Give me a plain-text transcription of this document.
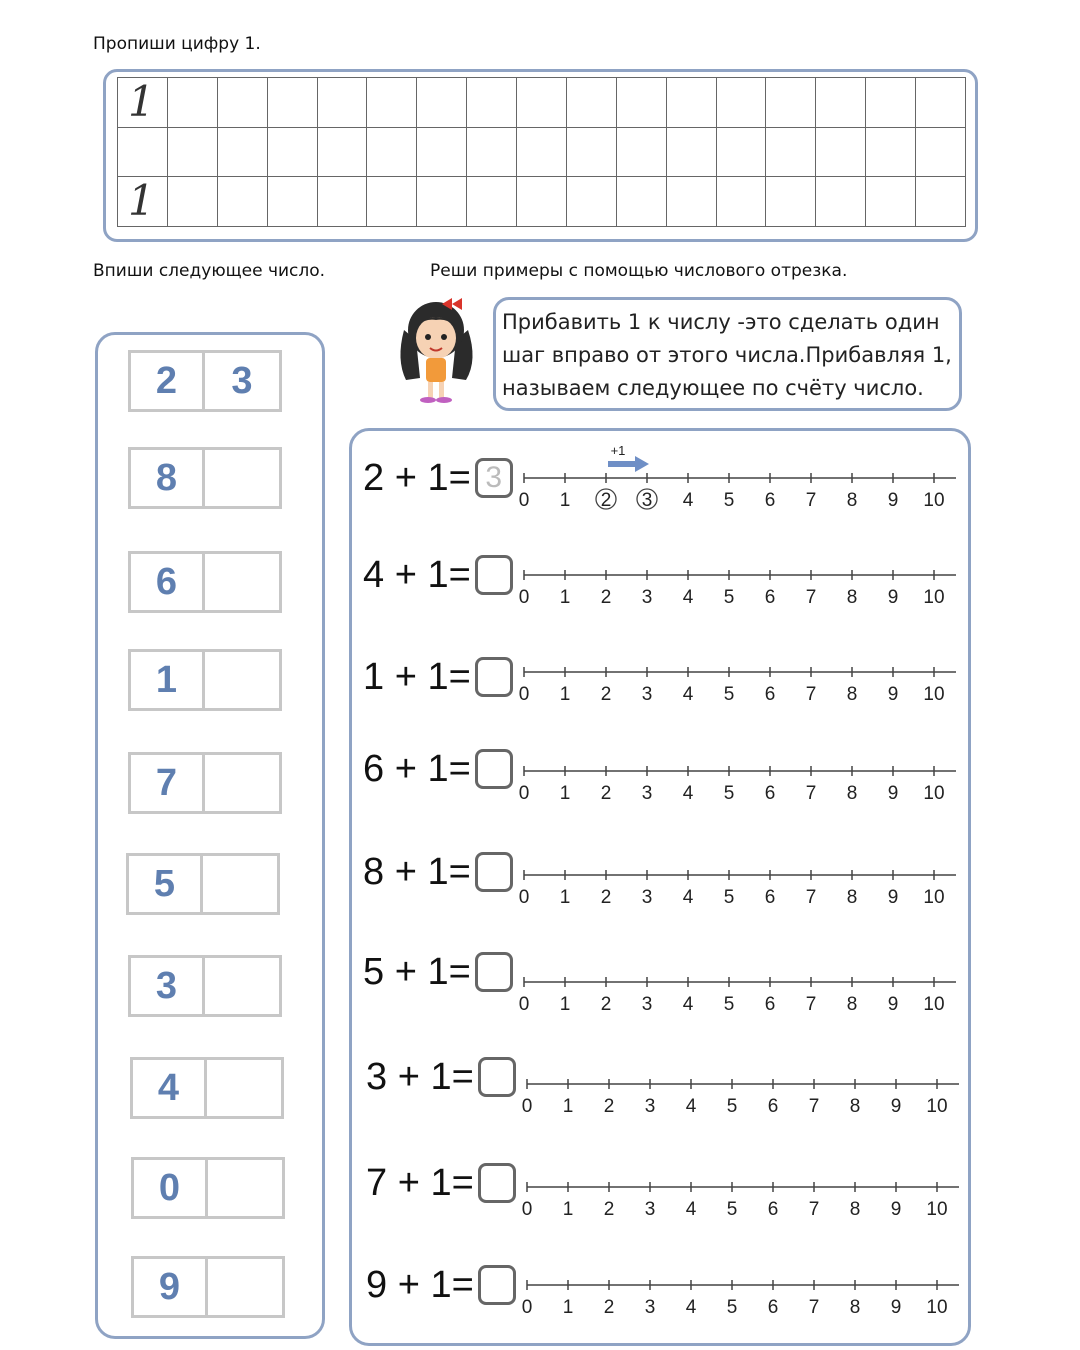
Пропиши цифру 1.
1
1
Впиши следующее число.	Реши примеры с помощью числового отрезка.
2	3
8
6
1
7
5
3
4
0
9
Прибавить 1 к числу -это сделать один
шаг вправо от этого числа.Прибавляя 1,
называем следующее по счёту число.
2 + 1= 3
4 + 1=
1 + 1=
6 + 1=
8 + 1=
5 + 1=
3 + 1=
7 + 1=
9 + 1=
0 1 2 3 4 5 6 7 8 9 10
0 1 2 3 4 5 6 7 8 9 10
0 1 2 3 4 5 6 7 8 9 10
0 1 2 3 4 5 6 7 8 9 10
0 1 2 3 4 5 6 7 8 9 10
0 1 2 3 4 5 6 7 8 9 10
0 1 2 3 4 5 6 7 8 9 10
0 1 2 3 4 5 6 7 8 9 10
0 1 2 3 4 5 6 7 8 9 10
+1
